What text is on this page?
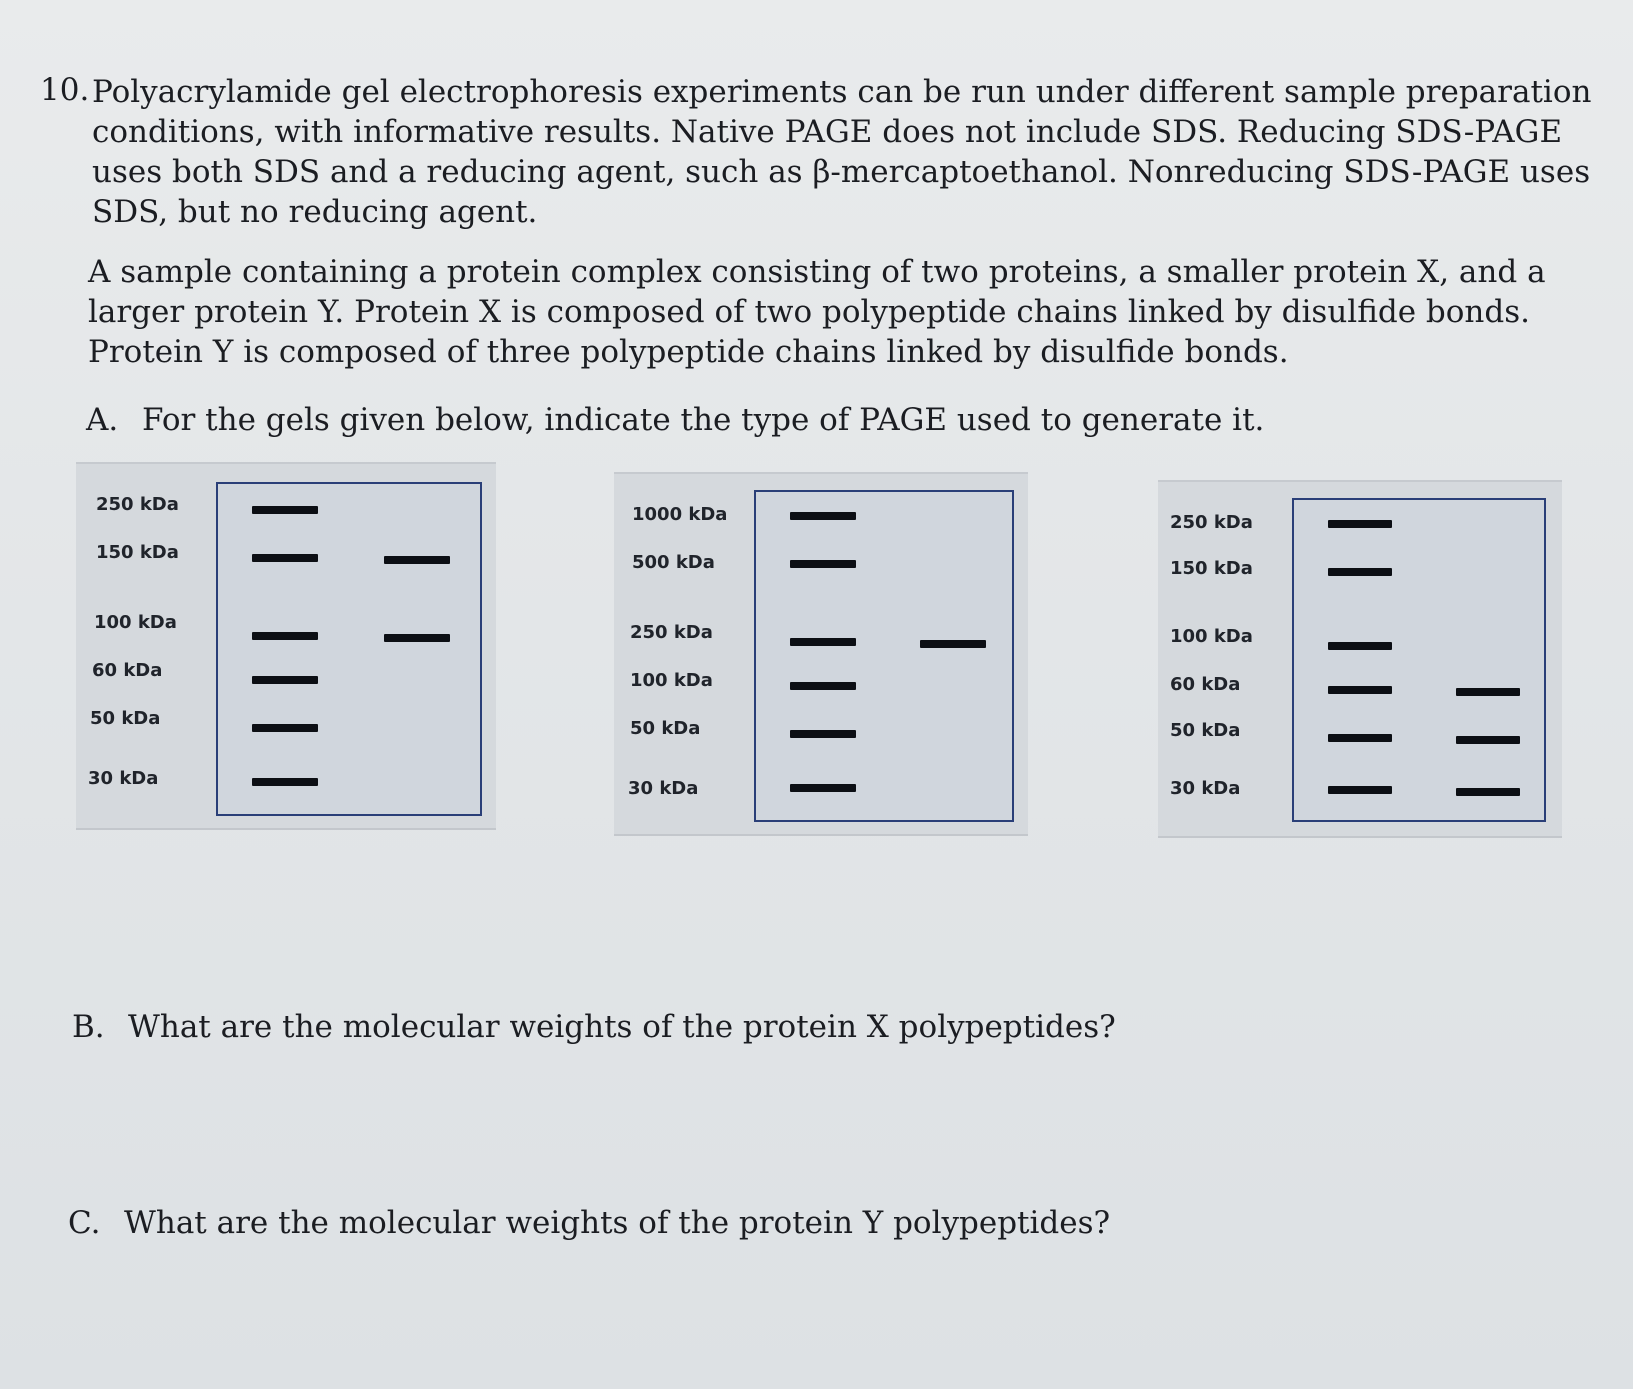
10. Polyacrylamide gel electrophoresis experiments can be run under different sample preparation conditions, with informative results. Native PAGE does not include SDS. Reducing SDS-PAGE uses both SDS and a reducing agent, such as β-mercaptoethanol. Nonreducing SDS-PAGE uses SDS, but no reducing agent.

A sample containing a protein complex consisting of two proteins, a smaller protein X, and a larger protein Y. Protein X is composed of two polypeptide chains linked by disulfide bonds. Protein Y is composed of three polypeptide chains linked by disulfide bonds.

A. For the gels given below, indicate the type of PAGE used to generate it.
250 kDa
150 kDa
100 kDa
60 kDa
50 kDa
30 kDa
1000 kDa
500 kDa
250 kDa
100 kDa
50 kDa
30 kDa
250 kDa
150 kDa
100 kDa
60 kDa
50 kDa
30 kDa
B. What are the molecular weights of the protein X polypeptides?
C. What are the molecular weights of the protein Y polypeptides?
